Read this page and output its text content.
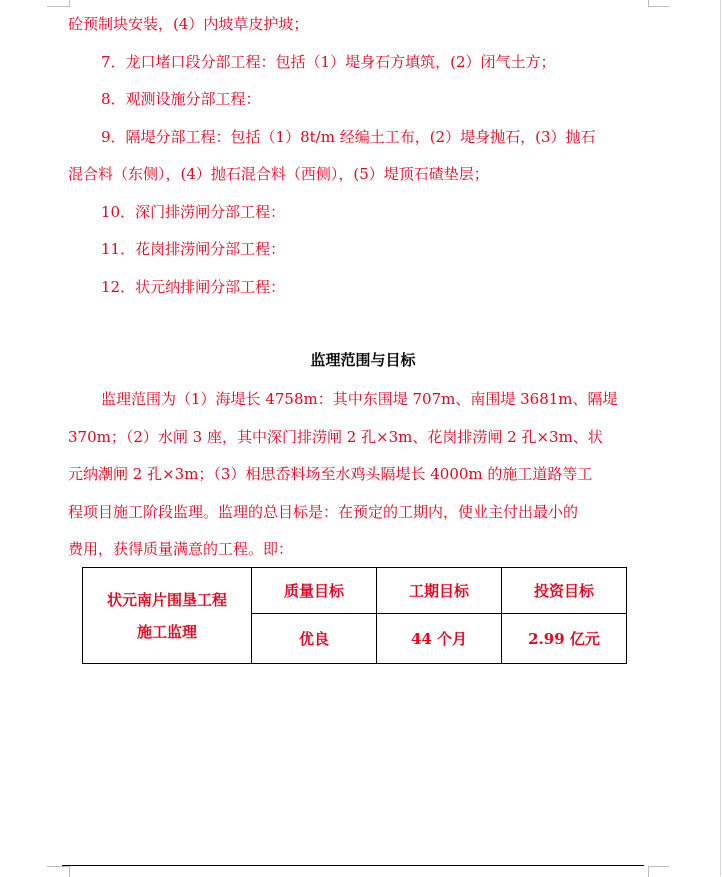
砼预制块安装，(4）内坡草皮护坡；
7．龙口堵口段分部工程：包括（1）堤身石方填筑，(2）闭气土方；
8．观测设施分部工程：
9．隔堤分部工程：包括（1）8t/m 经编土工布，(2）堤身抛石，(3）抛石
混合料（东侧），(4）抛石混合料（西侧），(5）堤顶石碴垫层；
10．深门排涝闸分部工程：
11．花岗排涝闸分部工程：
12．状元纳排闸分部工程：
监理范围与目标
监理范围为（1）海堤长 4758m：其中东围堤 707m、南围堤 3681m、隔堤
370m；（2）水闸 3 座，其中深门排涝闸 2 孔×3m、花岗排涝闸 2 孔×3m、状
元纳潮闸 2 孔×3m；（3）相思岙料场至水鸡头隔堤长 4000m 的施工道路等工
程项目施工阶段监理。监理的总目标是：在预定的工期内，使业主付出最小的
费用，获得质量满意的工程。即：
状元南片围垦工程
施工监理	质量目标	工期目标	投资目标
	优良	44 个月	2.99 亿元
